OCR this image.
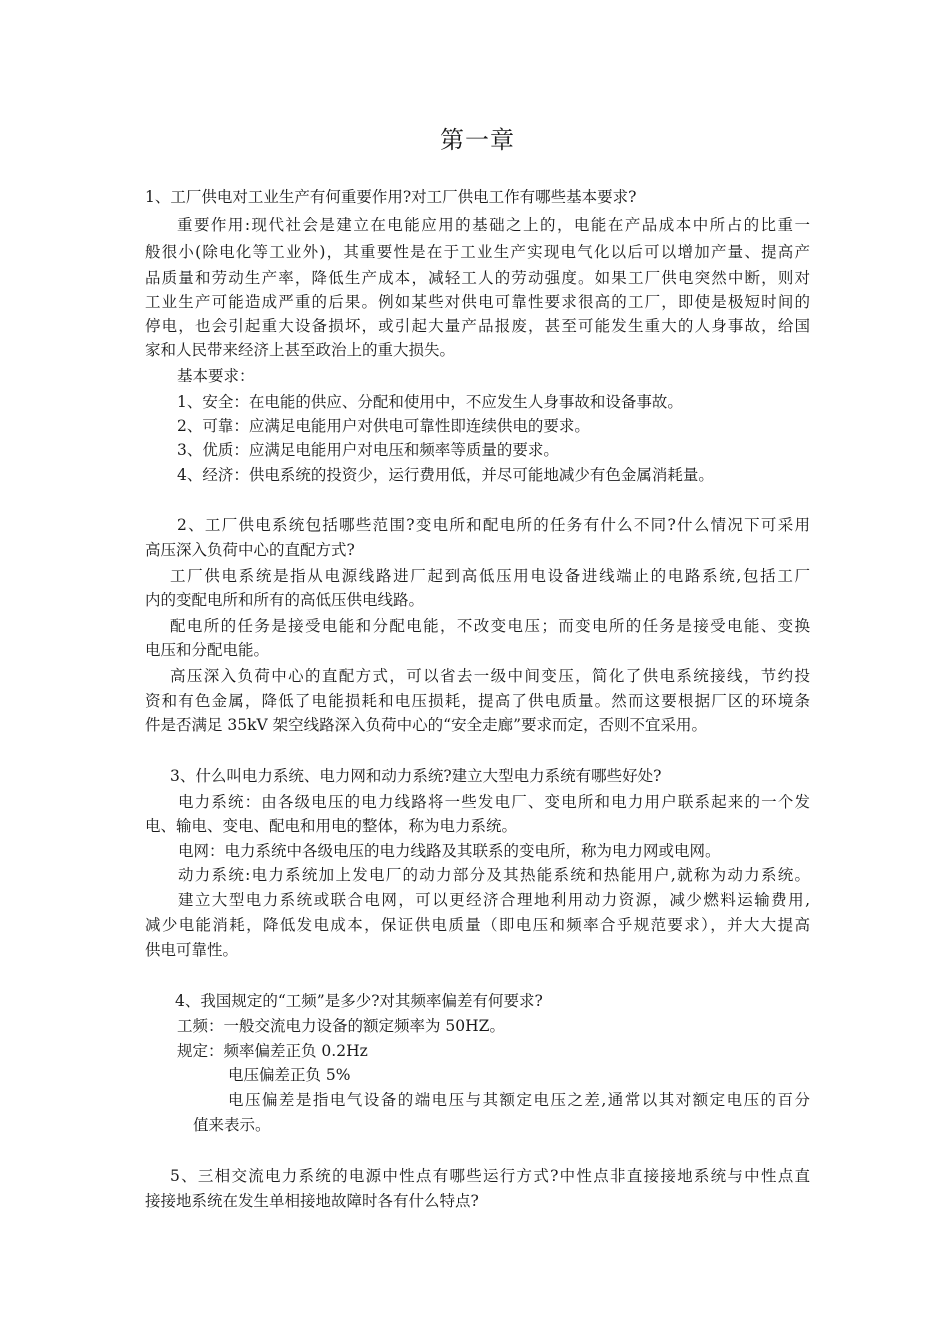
第一章
1、工厂供电对工业生产有何重要作用?对工厂供电工作有哪些基本要求?
重要作用:现代社会是建立在电能应用的基础之上的，电能在产品成本中所占的比重一
般很小(除电化等工业外)，其重要性是在于工业生产实现电气化以后可以增加产量、提高产
品质量和劳动生产率，降低生产成本，减轻工人的劳动强度。如果工厂供电突然中断，则对
工业生产可能造成严重的后果。例如某些对供电可靠性要求很高的工厂，即使是极短时间的
停电，也会引起重大设备损坏，或引起大量产品报废，甚至可能发生重大的人身事故，给国
家和人民带来经济上甚至政治上的重大损失。
基本要求：
1、安全：在电能的供应、分配和使用中，不应发生人身事故和设备事故。
2、可靠：应满足电能用户对供电可靠性即连续供电的要求。
3、优质：应满足电能用户对电压和频率等质量的要求。
4、经济：供电系统的投资少，运行费用低，并尽可能地减少有色金属消耗量。
2、工厂供电系统包括哪些范围?变电所和配电所的任务有什么不同?什么情况下可采用
高压深入负荷中心的直配方式?
工厂供电系统是指从电源线路进厂起到高低压用电设备进线端止的电路系统,包括工厂
内的变配电所和所有的高低压供电线路。
配电所的任务是接受电能和分配电能，不改变电压；而变电所的任务是接受电能、变换
电压和分配电能。
高压深入负荷中心的直配方式，可以省去一级中间变压，简化了供电系统接线，节约投
资和有色金属，降低了电能损耗和电压损耗，提高了供电质量。然而这要根据厂区的环境条
件是否满足 35kV 架空线路深入负荷中心的“安全走廊”要求而定，否则不宜采用。
3、什么叫电力系统、电力网和动力系统?建立大型电力系统有哪些好处?
电力系统：由各级电压的电力线路将一些发电厂、变电所和电力用户联系起来的一个发
电、输电、变电、配电和用电的整体，称为电力系统。
电网：电力系统中各级电压的电力线路及其联系的变电所，称为电力网或电网。
动力系统:电力系统加上发电厂的动力部分及其热能系统和热能用户,就称为动力系统。
建立大型电力系统或联合电网，可以更经济合理地利用动力资源，减少燃料运输费用,
减少电能消耗，降低发电成本，保证供电质量（即电压和频率合乎规范要求），并大大提高
供电可靠性。
4、我国规定的“工频”是多少?对其频率偏差有何要求?
工频：一般交流电力设备的额定频率为 50HZ。
规定：频率偏差正负 0.2Hz
电压偏差正负 5%
电压偏差是指电气设备的端电压与其额定电压之差,通常以其对额定电压的百分
值来表示。
5、三相交流电力系统的电源中性点有哪些运行方式?中性点非直接接地系统与中性点直
接接地系统在发生单相接地故障时各有什么特点?
